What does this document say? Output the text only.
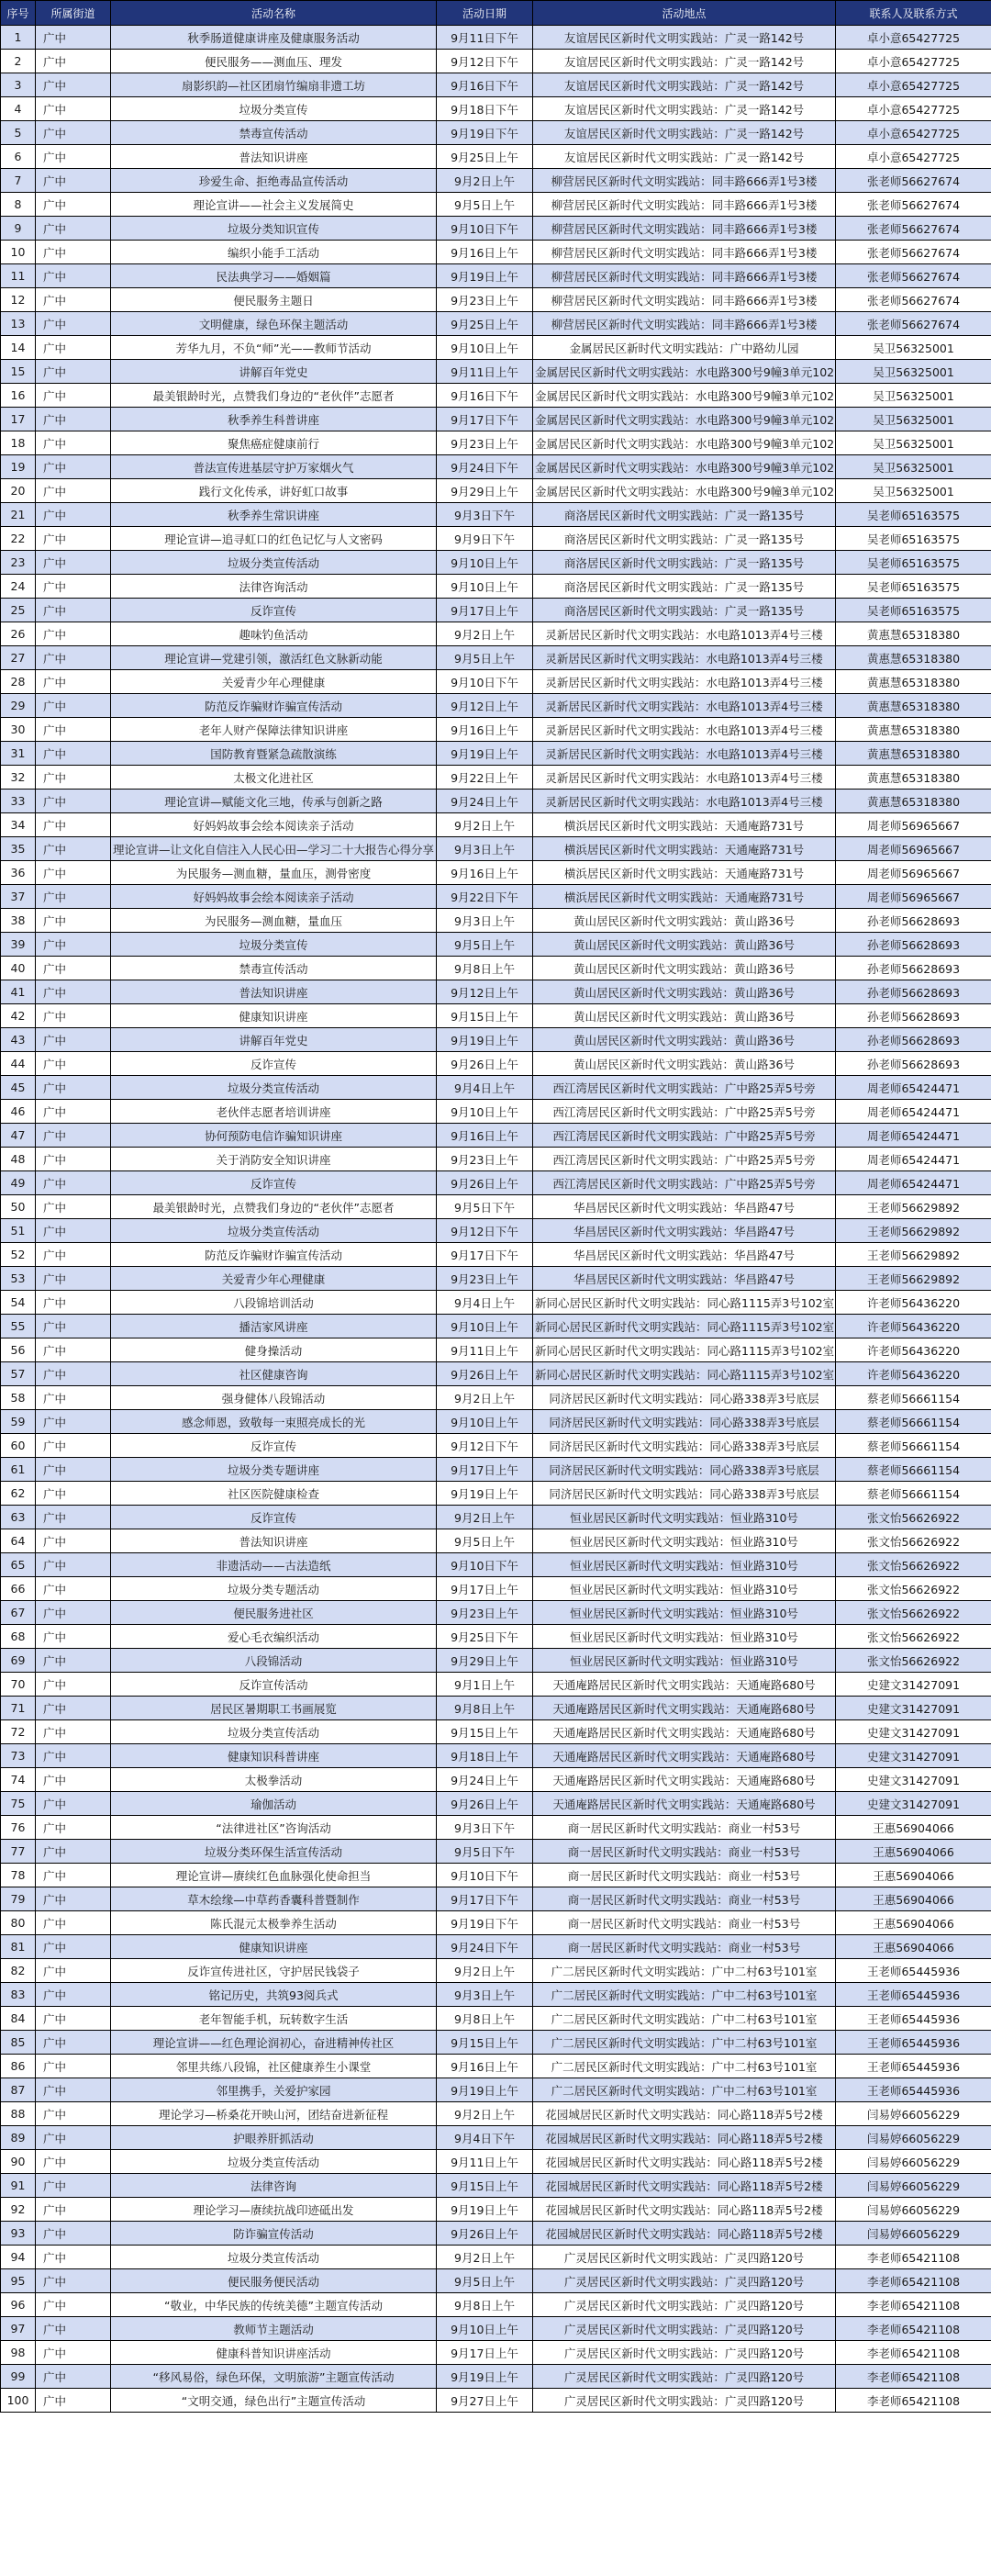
序号	所属街道	活动名称	活动日期	活动地点	联系人及联系方式
1	广中	秋季肠道健康讲座及健康服务活动	9月11日下午	友谊居民区新时代文明实践站：广灵一路142号	卓小意65427725
2	广中	便民服务——测血压、理发	9月12日下午	友谊居民区新时代文明实践站：广灵一路142号	卓小意65427725
3	广中	扇影织韵—社区团扇竹编扇非遗工坊	9月16日下午	友谊居民区新时代文明实践站：广灵一路142号	卓小意65427725
4	广中	垃圾分类宣传	9月18日下午	友谊居民区新时代文明实践站：广灵一路142号	卓小意65427725
5	广中	禁毒宣传活动	9月19日下午	友谊居民区新时代文明实践站：广灵一路142号	卓小意65427725
6	广中	普法知识讲座	9月25日上午	友谊居民区新时代文明实践站：广灵一路142号	卓小意65427725
7	广中	珍爱生命、拒绝毒品宣传活动	9月2日上午	柳营居民区新时代文明实践站：同丰路666弄1号3楼	张老师56627674
8	广中	理论宣讲——社会主义发展简史	9月5日上午	柳营居民区新时代文明实践站：同丰路666弄1号3楼	张老师56627674
9	广中	垃圾分类知识宣传	9月10日下午	柳营居民区新时代文明实践站：同丰路666弄1号3楼	张老师56627674
10	广中	编织小能手工活动	9月16日上午	柳营居民区新时代文明实践站：同丰路666弄1号3楼	张老师56627674
11	广中	民法典学习——婚姻篇	9月19日上午	柳营居民区新时代文明实践站：同丰路666弄1号3楼	张老师56627674
12	广中	便民服务主题日	9月23日上午	柳营居民区新时代文明实践站：同丰路666弄1号3楼	张老师56627674
13	广中	文明健康，绿色环保主题活动	9月25日上午	柳营居民区新时代文明实践站：同丰路666弄1号3楼	张老师56627674
14	广中	芳华九月，不负“师”光——教师节活动	9月10日上午	金属居民区新时代文明实践站：广中路幼儿园	吴卫56325001
15	广中	讲解百年党史	9月11日上午	金属居民区新时代文明实践站：水电路300号9幢3单元102	吴卫56325001
16	广中	最美银龄时光，点赞我们身边的“老伙伴”志愿者	9月16日下午	金属居民区新时代文明实践站：水电路300号9幢3单元102	吴卫56325001
17	广中	秋季养生科普讲座	9月17日下午	金属居民区新时代文明实践站：水电路300号9幢3单元102	吴卫56325001
18	广中	聚焦癌症健康前行	9月23日上午	金属居民区新时代文明实践站：水电路300号9幢3单元102	吴卫56325001
19	广中	普法宣传进基层守护万家烟火气	9月24日下午	金属居民区新时代文明实践站：水电路300号9幢3单元102	吴卫56325001
20	广中	践行文化传承，讲好虹口故事	9月29日上午	金属居民区新时代文明实践站：水电路300号9幢3单元102	吴卫56325001
21	广中	秋季养生常识讲座	9月3日下午	商洛居民区新时代文明实践站：广灵一路135号	吴老师65163575
22	广中	理论宣讲—追寻虹口的红色记忆与人文密码	9月9日下午	商洛居民区新时代文明实践站：广灵一路135号	吴老师65163575
23	广中	垃圾分类宣传活动	9月10日上午	商洛居民区新时代文明实践站：广灵一路135号	吴老师65163575
24	广中	法律咨询活动	9月10日上午	商洛居民区新时代文明实践站：广灵一路135号	吴老师65163575
25	广中	反诈宣传	9月17日上午	商洛居民区新时代文明实践站：广灵一路135号	吴老师65163575
26	广中	趣味钓鱼活动	9月2日上午	灵新居民区新时代文明实践站：水电路1013弄4号三楼	黄惠慧65318380
27	广中	理论宣讲—党建引领，激活红色文脉新动能	9月5日上午	灵新居民区新时代文明实践站：水电路1013弄4号三楼	黄惠慧65318380
28	广中	关爱青少年心理健康	9月10日下午	灵新居民区新时代文明实践站：水电路1013弄4号三楼	黄惠慧65318380
29	广中	防范反诈骗财诈骗宣传活动	9月12日上午	灵新居民区新时代文明实践站：水电路1013弄4号三楼	黄惠慧65318380
30	广中	老年人财产保障法律知识讲座	9月16日上午	灵新居民区新时代文明实践站：水电路1013弄4号三楼	黄惠慧65318380
31	广中	国防教育暨紧急疏散演练	9月19日上午	灵新居民区新时代文明实践站：水电路1013弄4号三楼	黄惠慧65318380
32	广中	太极文化进社区	9月22日上午	灵新居民区新时代文明实践站：水电路1013弄4号三楼	黄惠慧65318380
33	广中	理论宣讲—赋能文化三地，传承与创新之路	9月24日上午	灵新居民区新时代文明实践站：水电路1013弄4号三楼	黄惠慧65318380
34	广中	好妈妈故事会绘本阅读亲子活动	9月2日上午	横浜居民区新时代文明实践站：天通庵路731号	周老师56965667
35	广中	理论宣讲—让文化自信注入人民心田—学习二十大报告心得分享	9月3日上午	横浜居民区新时代文明实践站：天通庵路731号	周老师56965667
36	广中	为民服务—测血糖，量血压，测骨密度	9月16日上午	横浜居民区新时代文明实践站：天通庵路731号	周老师56965667
37	广中	好妈妈故事会绘本阅读亲子活动	9月22日下午	横浜居民区新时代文明实践站：天通庵路731号	周老师56965667
38	广中	为民服务—测血糖，量血压	9月3日上午	黄山居民区新时代文明实践站：黄山路36号	孙老师56628693
39	广中	垃圾分类宣传	9月5日上午	黄山居民区新时代文明实践站：黄山路36号	孙老师56628693
40	广中	禁毒宣传活动	9月8日上午	黄山居民区新时代文明实践站：黄山路36号	孙老师56628693
41	广中	普法知识讲座	9月12日上午	黄山居民区新时代文明实践站：黄山路36号	孙老师56628693
42	广中	健康知识讲座	9月15日上午	黄山居民区新时代文明实践站：黄山路36号	孙老师56628693
43	广中	讲解百年党史	9月19日上午	黄山居民区新时代文明实践站：黄山路36号	孙老师56628693
44	广中	反诈宣传	9月26日上午	黄山居民区新时代文明实践站：黄山路36号	孙老师56628693
45	广中	垃圾分类宣传活动	9月4日上午	西江湾居民区新时代文明实践站：广中路25弄5号旁	周老师65424471
46	广中	老伙伴志愿者培训讲座	9月10日上午	西江湾居民区新时代文明实践站：广中路25弄5号旁	周老师65424471
47	广中	协何预防电信诈骗知识讲座	9月16日上午	西江湾居民区新时代文明实践站：广中路25弄5号旁	周老师65424471
48	广中	关于消防安全知识讲座	9月23日上午	西江湾居民区新时代文明实践站：广中路25弄5号旁	周老师65424471
49	广中	反诈宣传	9月26日上午	西江湾居民区新时代文明实践站：广中路25弄5号旁	周老师65424471
50	广中	最美银龄时光，点赞我们身边的“老伙伴”志愿者	9月5日下午	华昌居民区新时代文明实践站：华昌路47号	王老师56629892
51	广中	垃圾分类宣传活动	9月12日下午	华昌居民区新时代文明实践站：华昌路47号	王老师56629892
52	广中	防范反诈骗财诈骗宣传活动	9月17日下午	华昌居民区新时代文明实践站：华昌路47号	王老师56629892
53	广中	关爱青少年心理健康	9月23日上午	华昌居民区新时代文明实践站：华昌路47号	王老师56629892
54	广中	八段锦培训活动	9月4日上午	新同心居民区新时代文明实践站：同心路1115弄3号102室	许老师56436220
55	广中	播洁家风讲座	9月10日上午	新同心居民区新时代文明实践站：同心路1115弄3号102室	许老师56436220
56	广中	健身操活动	9月11日上午	新同心居民区新时代文明实践站：同心路1115弄3号102室	许老师56436220
57	广中	社区健康咨询	9月26日上午	新同心居民区新时代文明实践站：同心路1115弄3号102室	许老师56436220
58	广中	强身健体八段锦活动	9月2日上午	同济居民区新时代文明实践站：同心路338弄3号底层	蔡老师56661154
59	广中	感念师恩，致敬每一束照亮成长的光	9月10日上午	同济居民区新时代文明实践站：同心路338弄3号底层	蔡老师56661154
60	广中	反诈宣传	9月12日下午	同济居民区新时代文明实践站：同心路338弄3号底层	蔡老师56661154
61	广中	垃圾分类专题讲座	9月17日上午	同济居民区新时代文明实践站：同心路338弄3号底层	蔡老师56661154
62	广中	社区医院健康检查	9月19日上午	同济居民区新时代文明实践站：同心路338弄3号底层	蔡老师56661154
63	广中	反诈宣传	9月2日上午	恒业居民区新时代文明实践站：恒业路310号	张文怡56626922
64	广中	普法知识讲座	9月5日上午	恒业居民区新时代文明实践站：恒业路310号	张文怡56626922
65	广中	非遗活动——古法造纸	9月10日下午	恒业居民区新时代文明实践站：恒业路310号	张文怡56626922
66	广中	垃圾分类专题活动	9月17日上午	恒业居民区新时代文明实践站：恒业路310号	张文怡56626922
67	广中	便民服务进社区	9月23日上午	恒业居民区新时代文明实践站：恒业路310号	张文怡56626922
68	广中	爱心毛衣编织活动	9月25日下午	恒业居民区新时代文明实践站：恒业路310号	张文怡56626922
69	广中	八段锦活动	9月29日上午	恒业居民区新时代文明实践站：恒业路310号	张文怡56626922
70	广中	反诈宣传活动	9月1日上午	天通庵路居民区新时代文明实践站：天通庵路680号	史建文31427091
71	广中	居民区暑期职工书画展览	9月8日上午	天通庵路居民区新时代文明实践站：天通庵路680号	史建文31427091
72	广中	垃圾分类宣传活动	9月15日上午	天通庵路居民区新时代文明实践站：天通庵路680号	史建文31427091
73	广中	健康知识科普讲座	9月18日上午	天通庵路居民区新时代文明实践站：天通庵路680号	史建文31427091
74	广中	太极拳活动	9月24日上午	天通庵路居民区新时代文明实践站：天通庵路680号	史建文31427091
75	广中	瑜伽活动	9月26日上午	天通庵路居民区新时代文明实践站：天通庵路680号	史建文31427091
76	广中	“法律进社区”咨询活动	9月3日下午	商一居民区新时代文明实践站：商业一村53号	王惠56904066
77	广中	垃圾分类环保生活宣传活动	9月5日下午	商一居民区新时代文明实践站：商业一村53号	王惠56904066
78	广中	理论宣讲—赓续红色血脉强化使命担当	9月10日下午	商一居民区新时代文明实践站：商业一村53号	王惠56904066
79	广中	草木绘缘—中草药香囊科普暨制作	9月17日下午	商一居民区新时代文明实践站：商业一村53号	王惠56904066
80	广中	陈氏混元太极拳养生活动	9月19日下午	商一居民区新时代文明实践站：商业一村53号	王惠56904066
81	广中	健康知识讲座	9月24日下午	商一居民区新时代文明实践站：商业一村53号	王惠56904066
82	广中	反诈宣传进社区，守护居民钱袋子	9月2日上午	广二居民区新时代文明实践站：广中二村63号101室	王老师65445936
83	广中	铭记历史，共筑93阅兵式	9月3日上午	广二居民区新时代文明实践站：广中二村63号101室	王老师65445936
84	广中	老年智能手机，玩转数字生活	9月8日上午	广二居民区新时代文明实践站：广中二村63号101室	王老师65445936
85	广中	理论宣讲——红色理论润初心，奋进精神传社区	9月15日上午	广二居民区新时代文明实践站：广中二村63号101室	王老师65445936
86	广中	邻里共练八段锦，社区健康养生小课堂	9月16日上午	广二居民区新时代文明实践站：广中二村63号101室	王老师65445936
87	广中	邻里携手，关爱护家园	9月19日上午	广二居民区新时代文明实践站：广中二村63号101室	王老师65445936
88	广中	理论学习—桥桑花开映山河，团结奋进新征程	9月2日上午	花园城居民区新时代文明实践站：同心路118弄5号2楼	闫易婷66056229
89	广中	护眼养肝抓活动	9月4日下午	花园城居民区新时代文明实践站：同心路118弄5号2楼	闫易婷66056229
90	广中	垃圾分类宣传活动	9月11日上午	花园城居民区新时代文明实践站：同心路118弄5号2楼	闫易婷66056229
91	广中	法律咨询	9月15日上午	花园城居民区新时代文明实践站：同心路118弄5号2楼	闫易婷66056229
92	广中	理论学习—赓续抗战印迹砥出发	9月19日上午	花园城居民区新时代文明实践站：同心路118弄5号2楼	闫易婷66056229
93	广中	防诈骗宣传活动	9月26日上午	花园城居民区新时代文明实践站：同心路118弄5号2楼	闫易婷66056229
94	广中	垃圾分类宣传活动	9月2日上午	广灵居民区新时代文明实践站：广灵四路120号	李老师65421108
95	广中	便民服务便民活动	9月5日上午	广灵居民区新时代文明实践站：广灵四路120号	李老师65421108
96	广中	“敬业，中华民族的传统美德”主题宣传活动	9月8日上午	广灵居民区新时代文明实践站：广灵四路120号	李老师65421108
97	广中	教师节主题活动	9月10日上午	广灵居民区新时代文明实践站：广灵四路120号	李老师65421108
98	广中	健康科普知识讲座活动	9月17日上午	广灵居民区新时代文明实践站：广灵四路120号	李老师65421108
99	广中	“移风易俗，绿色环保，文明旅游”主题宣传活动	9月19日上午	广灵居民区新时代文明实践站：广灵四路120号	李老师65421108
100	广中	“文明交通，绿色出行”主题宣传活动	9月27日上午	广灵居民区新时代文明实践站：广灵四路120号	李老师65421108
